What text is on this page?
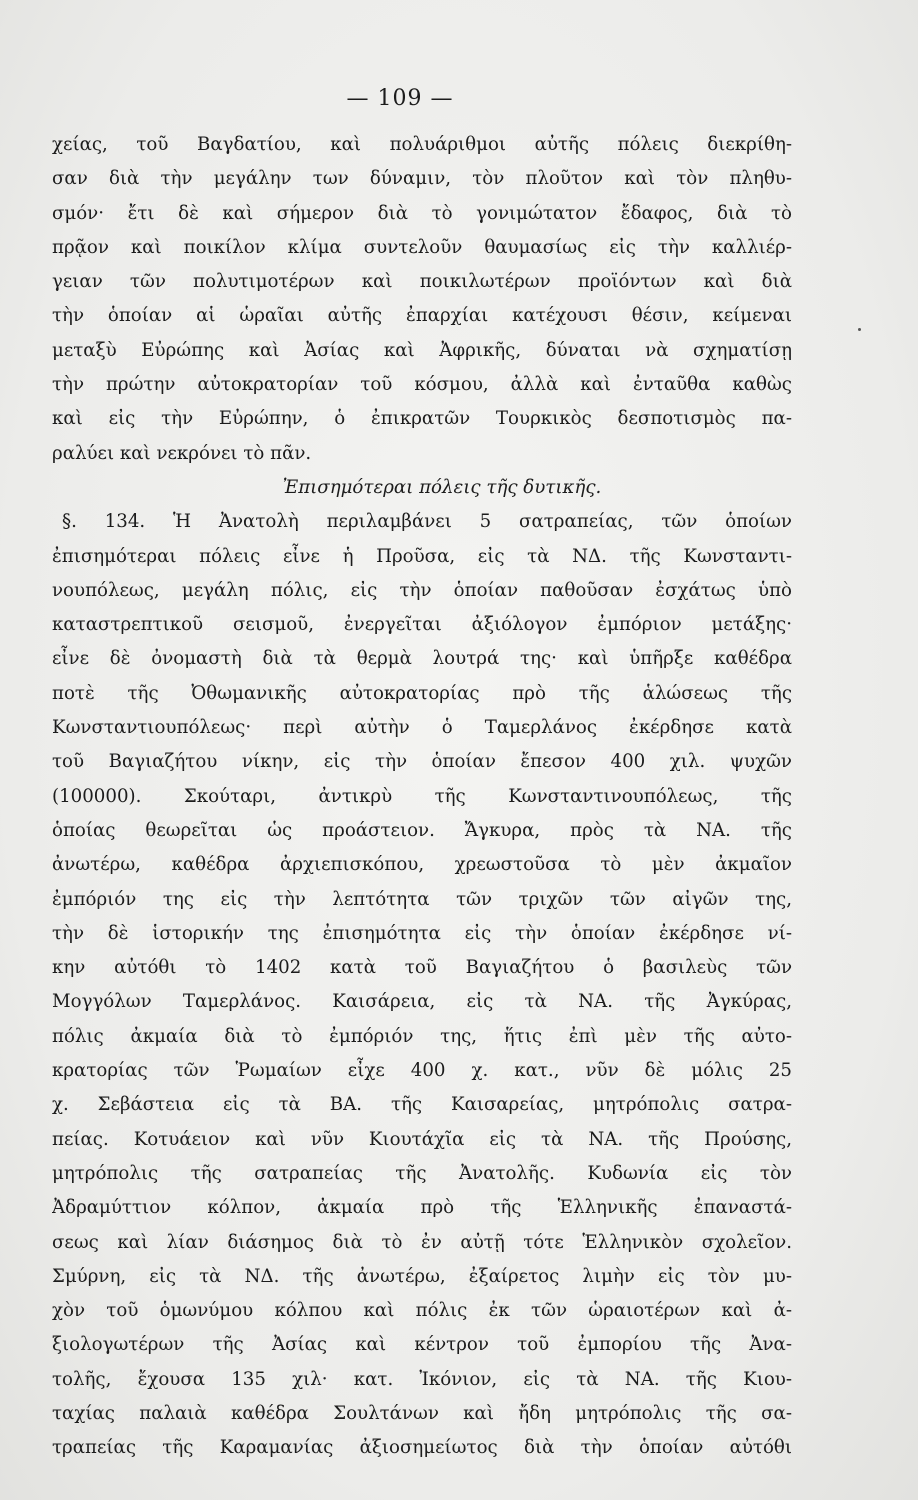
— 109 —
χείας, τοῦ Βαγδατίου, καὶ πολυάριθμοι αὐτῆς πόλεις διεκρίθη-
σαν διὰ τὴν μεγάλην των δύναμιν, τὸν πλοῦτον καὶ τὸν πληθυ-
σμόν· ἔτι δὲ καὶ σήμερον διὰ τὸ γονιμώτατον ἔδαφος, διὰ τὸ
πρᾷον καὶ ποικίλον κλίμα συντελοῦν θαυμασίως εἰς τὴν καλλιέρ-
γειαν τῶν πολυτιμοτέρων καὶ ποικιλωτέρων προϊόντων καὶ διὰ
τὴν ὁποίαν αἱ ὡραῖαι αὐτῆς ἐπαρχίαι κατέχουσι θέσιν, κείμεναι
μεταξὺ Εὐρώπης καὶ Ἀσίας καὶ Ἀφρικῆς, δύναται νὰ σχηματίσῃ
τὴν πρώτην αὐτοκρατορίαν τοῦ κόσμου, ἀλλὰ καὶ ἐνταῦθα καθὼς
καὶ εἰς τὴν Εὐρώπην, ὁ ἐπικρατῶν Τουρκικὸς δεσποτισμὸς πα-
ραλύει καὶ νεκρόνει τὸ πᾶν.
Ἐπισημότεραι πόλεις τῆς δυτικῆς.
§. 134. Ἡ Ἀνατολὴ περιλαμβάνει 5 σατραπείας, τῶν ὁποίων
ἐπισημότεραι πόλεις εἶνε ἡ Προῦσα, εἰς τὰ ΝΔ. τῆς Κωνσταντι-
νουπόλεως, μεγάλη πόλις, εἰς τὴν ὁποίαν παθοῦσαν ἐσχάτως ὑπὸ
καταστρεπτικοῦ σεισμοῦ, ἐνεργεῖται ἀξιόλογον ἐμπόριον μετάξης·
εἶνε δὲ ὀνομαστὴ διὰ τὰ θερμὰ λουτρά της· καὶ ὑπῆρξε καθέδρα
ποτὲ τῆς Ὀθωμανικῆς αὐτοκρατορίας πρὸ τῆς ἁλώσεως τῆς
Κωνσταντιουπόλεως· περὶ αὐτὴν ὁ Ταμερλάνος ἐκέρδησε κατὰ
τοῦ Βαγιαζήτου νίκην, εἰς τὴν ὁποίαν ἔπεσον 400 χιλ. ψυχῶν
(100000). Σκούταρι, ἀντικρὺ τῆς Κωνσταντινουπόλεως, τῆς
ὁποίας θεωρεῖται ὡς προάστειον. Ἄγκυρα, πρὸς τὰ ΝΑ. τῆς
ἀνωτέρω, καθέδρα ἀρχιεπισκόπου, χρεωστοῦσα τὸ μὲν ἀκμαῖον
ἐμπόριόν της εἰς τὴν λεπτότητα τῶν τριχῶν τῶν αἰγῶν της,
τὴν δὲ ἱστορικήν της ἐπισημότητα εἰς τὴν ὁποίαν ἐκέρδησε νί-
κην αὐτόθι τὸ 1402 κατὰ τοῦ Βαγιαζήτου ὁ βασιλεὺς τῶν
Μογγόλων Ταμερλάνος. Καισάρεια, εἰς τὰ ΝΑ. τῆς Ἀγκύρας,
πόλις ἀκμαία διὰ τὸ ἐμπόριόν της, ἥτις ἐπὶ μὲν τῆς αὐτο-
κρατορίας τῶν Ῥωμαίων εἶχε 400 χ. κατ., νῦν δὲ μόλις 25
χ. Σεβάστεια εἰς τὰ ΒΑ. τῆς Καισαρείας, μητρόπολις σατρα-
πείας. Κοτυάειον καὶ νῦν Κιουτάχῖα εἰς τὰ ΝΑ. τῆς Προύσης,
μητρόπολις τῆς σατραπείας τῆς Ἀνατολῆς. Κυδωνία εἰς τὸν
Ἀδραμύττιον κόλπον, ἀκμαία πρὸ τῆς Ἑλληνικῆς ἐπαναστά-
σεως καὶ λίαν διάσημος διὰ τὸ ἐν αὐτῇ τότε Ἑλληνικὸν σχολεῖον.
Σμύρνη, εἰς τὰ ΝΔ. τῆς ἀνωτέρω, ἐξαίρετος λιμὴν εἰς τὸν μυ-
χὸν τοῦ ὁμωνύμου κόλπου καὶ πόλις ἐκ τῶν ὡραιοτέρων καὶ ἀ-
ξιολογωτέρων τῆς Ἀσίας καὶ κέντρον τοῦ ἐμπορίου τῆς Ἀνα-
τολῆς, ἔχουσα 135 χιλ· κατ. Ἰκόνιον, εἰς τὰ ΝΑ. τῆς Κιου-
ταχίας παλαιὰ καθέδρα Σουλτάνων καὶ ἤδη μητρόπολις τῆς σα-
τραπείας τῆς Καραμανίας ἀξιοσημείωτος διὰ τὴν ὁποίαν αὐτόθι
